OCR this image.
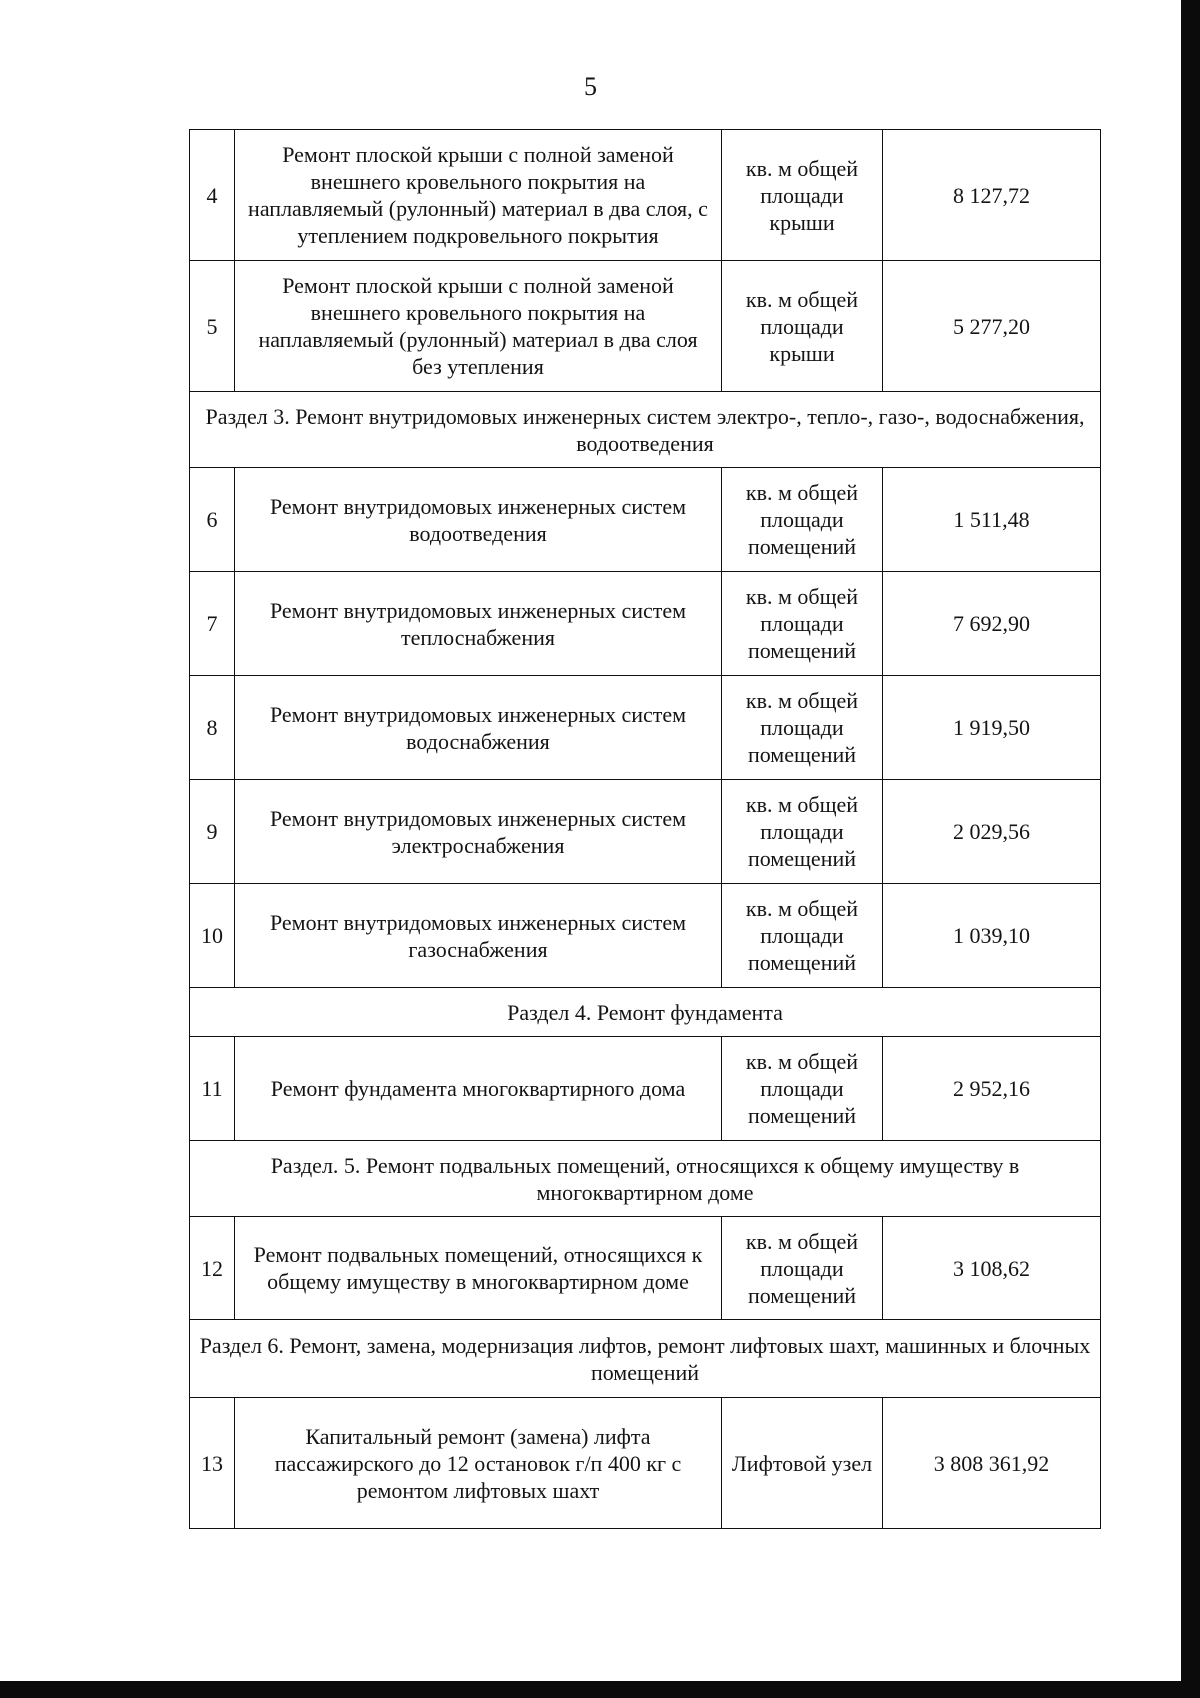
5
4	Ремонт плоской крыши с полной заменой внешнего кровельного покрытия на наплавляемый (рулонный) материал в два слоя, с утеплением подкровельного покрытия	кв. м общей площади крыши	8 127,72
5	Ремонт плоской крыши с полной заменой внешнего кровельного покрытия на наплавляемый (рулонный) материал в два слоя без утепления	кв. м общей площади крыши	5 277,20
Раздел 3. Ремонт внутридомовых инженерных систем электро-, тепло-, газо-, водоснабжения, водоотведения			
6	Ремонт внутридомовых инженерных систем водоотведения	кв. м общей площади помещений	1 511,48
7	Ремонт внутридомовых инженерных систем теплоснабжения	кв. м общей площади помещений	7 692,90
8	Ремонт внутридомовых инженерных систем водоснабжения	кв. м общей площади помещений	1 919,50
9	Ремонт внутридомовых инженерных систем электроснабжения	кв. м общей площади помещений	2 029,56
10	Ремонт внутридомовых инженерных систем газоснабжения	кв. м общей площади помещений	1 039,10
Раздел 4. Ремонт фундамента			
11	Ремонт фундамента многоквартирного дома	кв. м общей площади помещений	2 952,16
Раздел. 5. Ремонт подвальных помещений, относящихся к общему имуществу в многоквартирном доме			
12	Ремонт подвальных помещений, относящихся к общему имуществу в многоквартирном доме	кв. м общей площади помещений	3 108,62
Раздел 6. Ремонт, замена, модернизация лифтов, ремонт лифтовых шахт, машинных и блочных помещений			
13	Капитальный ремонт (замена) лифта пассажирского до 12 остановок г/п 400 кг с ремонтом лифтовых шахт	Лифтовой узел	3 808 361,92
